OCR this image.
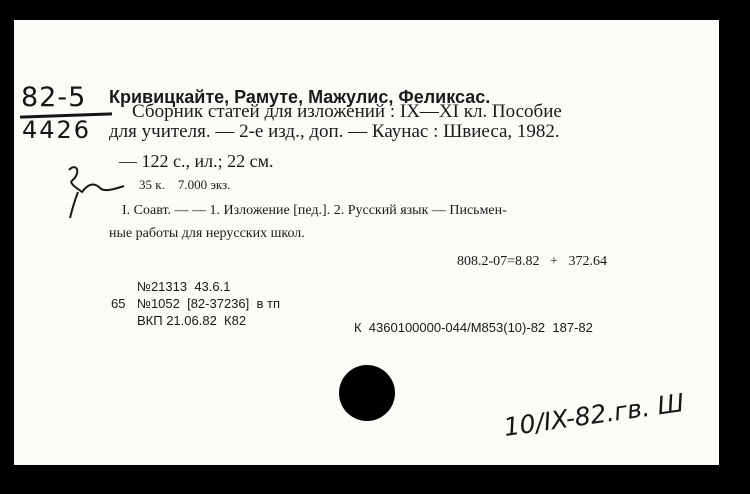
82-5
4426
Кривицкайте, Рамуте, Мажулис, Феликсас.
Сборник статей для изложений : IX—XI кл. Пособие
для учителя. — 2-е изд., доп. — Каунас : Швиеса, 1982.
— 122 с., ил.; 22 см.
35 к.    7.000 экз.
I. Соавт. — — 1. Изложение [пед.]. 2. Русский язык — Письмен-
ные работы для нерусских школ.
808.2-07=8.82   +   372.64
№21313  43.6.1
65 №1052  [82-37236]  в тп
ВКП 21.06.82  К82	К  4360100000-044/М853(10)-82  187-82
10/IX-82.гв. Ш
